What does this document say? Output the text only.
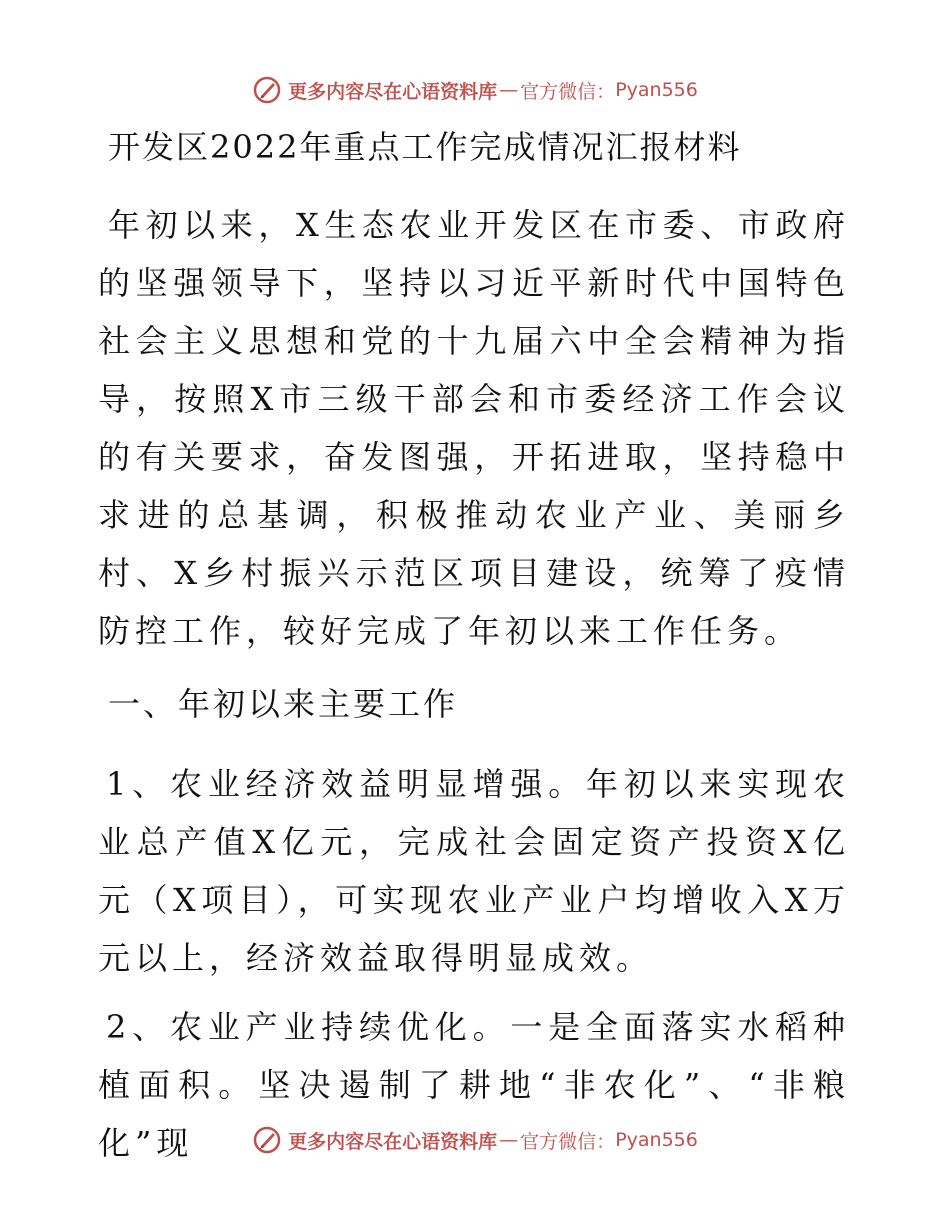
更多内容尽在心语资料库 — 官方微信： Pyan556
开发区2022年重点工作完成情况汇报材料
年初以来，X生态农业开发区在市委、市政府的坚强领导下，坚持以习近平新时代中国特色社会主义思想和党的十九届六中全会精神为指导，按照X市三级干部会和市委经济工作会议的有关要求，奋发图强，开拓进取，坚持稳中求进的总基调，积极推动农业产业、美丽乡村、X乡村振兴示范区项目建设，统筹了疫情防控工作，较好完成了年初以来工作任务。
一、年初以来主要工作
1、农业经济效益明显增强。年初以来实现农业总产值X亿元，完成社会固定资产投资X亿元（X项目），可实现农业产业户均增收入X万元以上，经济效益取得明显成效。
2、农业产业持续优化。一是全面落实水稻种植面积。坚决遏制了耕地“非农化”、“非粮化”现	更多内容尽在心语资料库 — 官方微信： Pyan556
